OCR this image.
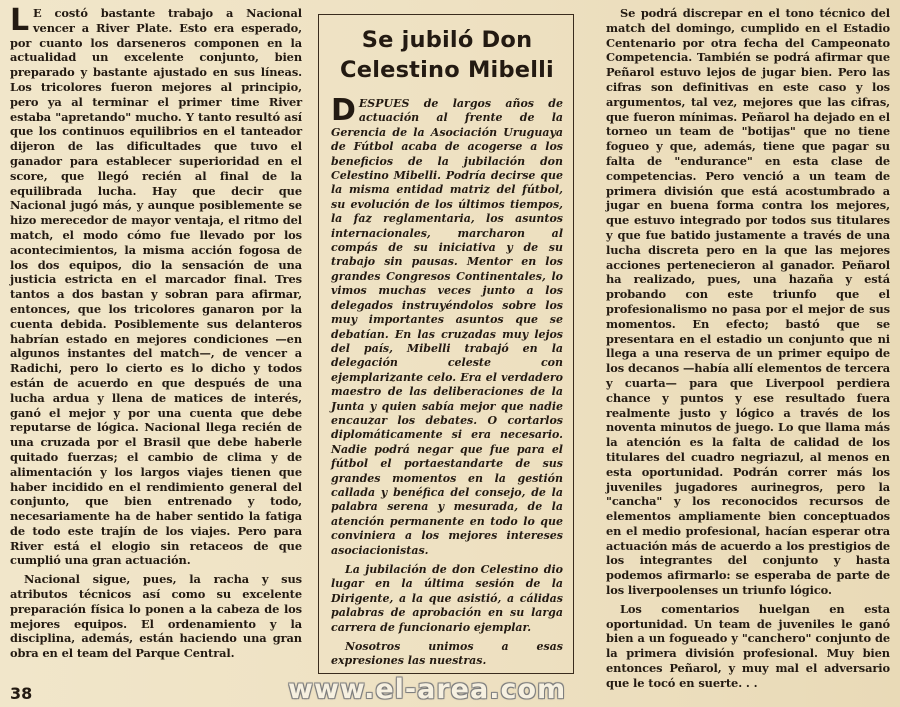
L E costó bastante trabajo a Nacional vencer a River Plate. Esto era esperado, por cuanto los darseneros componen en la actualidad un excelente conjunto, bien preparado y bastante ajustado en sus líneas. Los tricolores fueron mejores al principio, pero ya al terminar el primer time River estaba "apretando" mucho. Y tanto resultó así que los continuos equilibrios en el tanteador dijeron de las dificultades que tuvo el ganador para establecer superioridad en el score, que llegó recién al final de la equilibrada lucha. Hay que decir que Nacional jugó más, y aunque posiblemente se hizo merecedor de mayor ventaja, el ritmo del match, el modo cómo fue llevado por los acontecimientos, la misma acción fogosa de los dos equipos, dio la sensación de una justicia estricta en el marcador final. Tres tantos a dos bastan y sobran para afirmar, entonces, que los tricolores ganaron por la cuenta debida. Posiblemente sus delanteros habrían estado en mejores condiciones —en algunos instantes del match—, de vencer a Radichi, pero lo cierto es lo dicho y todos están de acuerdo en que después de una lucha ardua y llena de matices de interés, ganó el mejor y por una cuenta que debe reputarse de lógica. Nacional llega recién de una cruzada por el Brasil que debe haberle quitado fuerzas; el cambio de clima y de alimentación y los largos viajes tienen que haber incidido en el rendimiento general del conjunto, que bien entrenado y todo, necesariamente ha de haber sentido la fatiga de todo este trajín de los viajes. Pero para River está el elogio sin retaceos de que cumplió una gran actuación.

Nacional sigue, pues, la racha y sus atributos técnicos así como su excelente preparación física lo ponen a la cabeza de los mejores equipos. El ordenamiento y la disciplina, además, están haciendo una gran obra en el team del Parque Central.

Se jubiló Don Celestino Mibelli

DESPUES de largos años de actuación al frente de la Gerencia de la Asociación Uruguaya de Fútbol acaba de acogerse a los beneficios de la jubilación don Celestino Mibelli. Podría decirse que la misma entidad matriz del fútbol, su evolución de los últimos tiempos, la faz reglamentaria, los asuntos internacionales, marcharon al compás de su iniciativa y de su trabajo sin pausas. Mentor en los grandes Congresos Continentales, lo vimos muchas veces junto a los delegados instruyéndolos sobre los muy importantes asuntos que se debatían. En las cruzadas muy lejos del país, Mibelli trabajó en la delegación celeste con ejemplarizante celo. Era el verdadero maestro de las deliberaciones de la Junta y quien sabía mejor que nadie encauzar los debates. O cortarlos diplomáticamente si era necesario. Nadie podrá negar que fue para el fútbol el portaestandarte de sus grandes momentos en la gestión callada y benéfica del consejo, de la palabra serena y mesurada, de la atención permanente en todo lo que conviniera a los mejores intereses asociacionistas.

La jubilación de don Celestino dio lugar en la última sesión de la Dirigente, a la que asistió, a cálidas palabras de aprobación en su larga carrera de funcionario ejemplar.

Nosotros unimos a esas expresiones las nuestras.

Se podrá discrepar en el tono técnico del match del domingo, cumplido en el Estadio Centenario por otra fecha del Campeonato Competencia. También se podrá afirmar que Peñarol estuvo lejos de jugar bien. Pero las cifras son definitivas en este caso y los argumentos, tal vez, mejores que las cifras, que fueron mínimas. Peñarol ha dejado en el torneo un team de "botijas" que no tiene fogueo y que, además, tiene que pagar su falta de "endurance" en esta clase de competencias. Pero venció a un team de primera división que está acostumbrado a jugar en buena forma contra los mejores, que estuvo integrado por todos sus titulares y que fue batido justamente a través de una lucha discreta pero en la que las mejores acciones pertenecieron al ganador. Peñarol ha realizado, pues, una hazaña y está probando con este triunfo que el profesionalismo no pasa por el mejor de sus momentos. En efecto; bastó que se presentara en el estadio un conjunto que ni llega a una reserva de un primer equipo de los decanos —había allí elementos de tercera y cuarta— para que Liverpool perdiera chance y puntos y ese resultado fuera realmente justo y lógico a través de los noventa minutos de juego. Lo que llama más la atención es la falta de calidad de los titulares del cuadro negriazul, al menos en esta oportunidad. Podrán correr más los juveniles jugadores aurinegros, pero la "cancha" y los reconocidos recursos de elementos ampliamente bien conceptuados en el medio profesional, hacían esperar otra actuación más de acuerdo a los prestigios de los integrantes del conjunto y hasta podemos afirmarlo: se esperaba de parte de los liverpoolenses un triunfo lógico.

Los comentarios huelgan en esta oportunidad. Un team de juveniles le ganó bien a un fogueado y "canchero" conjunto de la primera división profesional. Muy bien entonces Peñarol, y muy mal el adversario que le tocó en suerte. . .

38	www.el-area.com
